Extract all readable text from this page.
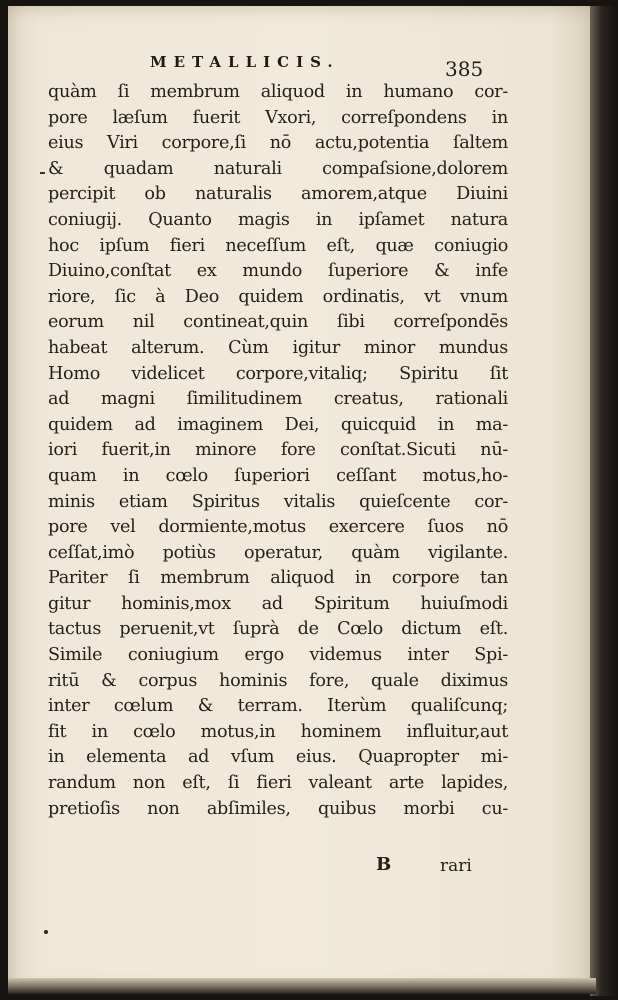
METALLICIS.	385
quàm ſi membrum aliquod in humano cor-
pore læſum fuerit Vxori, correſpondens in
eius Viri corpore,ſi nō actu,potentia ſaltem
& quadam naturali compaſsione,dolorem
percipit ob naturalis amorem,atque Diuini
coniugij. Quanto magis in ipſamet natura
hoc ipſum fieri neceſſum eſt, quæ coniugio
Diuino,conſtat ex mundo ſuperiore & infe
riore, ſic à Deo quidem ordinatis, vt vnum
eorum nil contineat,quin ſibi correſpondēs
habeat alterum. Cùm igitur minor mundus
Homo videlicet corpore,vitaliq; Spiritu ſit
ad magni ſimilitudinem creatus, rationali
quidem ad imaginem Dei, quicquid in ma-
iori fuerit,in minore fore conſtat.Sicuti nū-
quam in cœlo ſuperiori ceſſant motus,ho-
minis etiam Spiritus vitalis quieſcente cor-
pore vel dormiente,motus exercere ſuos nō
ceſſat,imò potiùs operatur, quàm vigilante.
Pariter ſi membrum aliquod in corpore tan
gitur hominis,mox ad Spiritum huiuſmodi
tactus peruenit,vt ſuprà de Cœlo dictum eſt.
Simile coniugium ergo videmus inter Spi-
ritū & corpus hominis fore, quale diximus
inter cœlum & terram. Iterùm qualiſcunq;
fit in cœlo motus,in hominem influitur,aut
in elementa ad vſum eius. Quapropter mi-
randum non eſt, ſi fieri valeant arte lapides,
pretioſis non abſimiles, quibus morbi cu-
B	rari
